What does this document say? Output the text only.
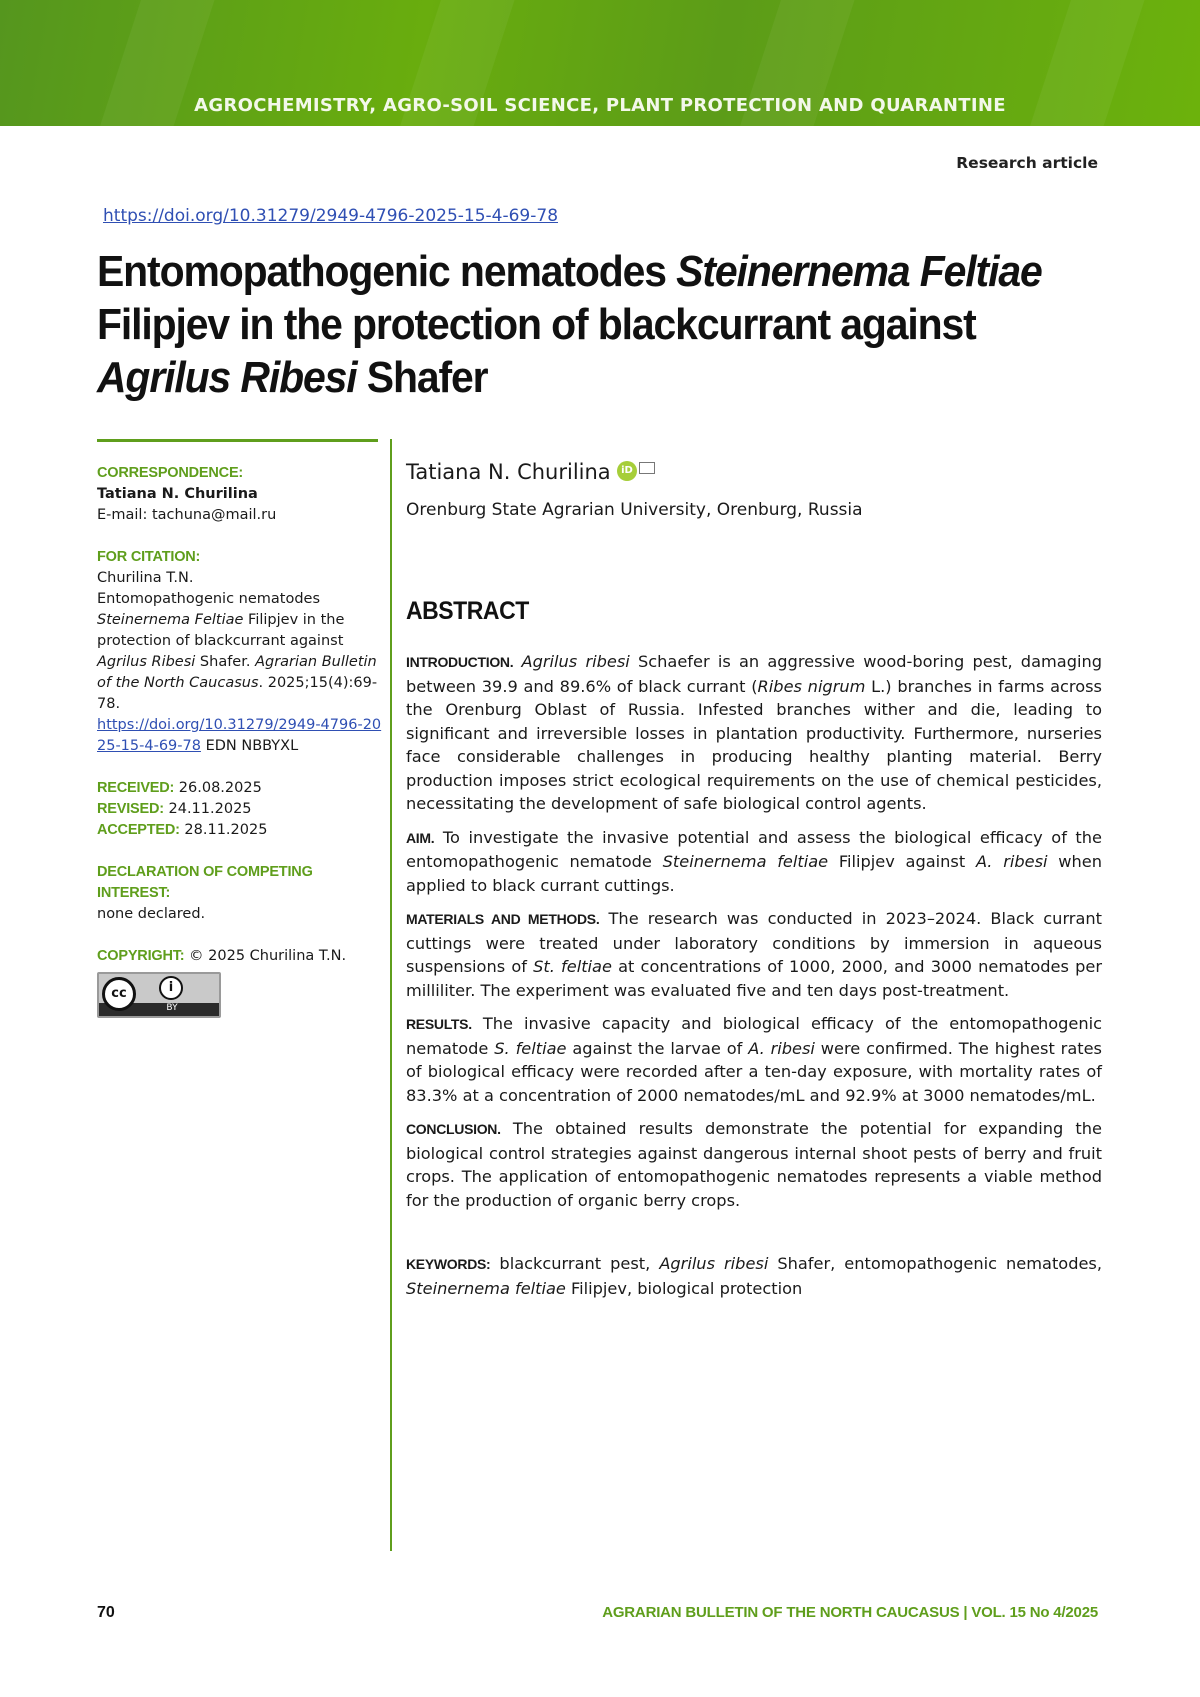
AGROCHEMISTRY, AGRO-SOIL SCIENCE, PLANT PROTECTION AND QUARANTINE
Research article
https://doi.org/10.31279/2949-4796-2025-15-4-69-78
Entomopathogenic nematodes Steinernema Feltiae Filipjev in the protection of blackcurrant against Agrilus Ribesi Shafer
CORRESPONDENCE:
Tatiana N. Churilina
E-mail: tachuna@mail.ru
FOR CITATION:
Churilina T.N.
Entomopathogenic nematodes
Steinernema Feltiae Filipjev in the protection of blackcurrant against Agrilus Ribesi Shafer. Agrarian Bulletin of the North Caucasus. 2025;15(4):69-78.
https://doi.org/10.31279/2949-4796-2025-15-4-69-78 EDN NBBYXL
RECEIVED: 26.08.2025
REVISED: 24.11.2025
ACCEPTED: 28.11.2025
DECLARATION OF COMPETING INTEREST:
none declared.
COPYRIGHT: © 2025 Churilina T.N.
cc	i
BY
Tatiana N. Churilina	iD
Orenburg State Agrarian University, Orenburg, Russia
ABSTRACT

INTRODUCTION. Agrilus ribesi Schaefer is an aggressive wood-boring pest, damaging between 39.9 and 89.6% of black currant (Ribes nigrum L.) branches in farms across the Orenburg Oblast of Russia. Infested branches wither and die, leading to significant and irreversible losses in plantation productivity. Furthermore, nurseries face considerable challenges in producing healthy planting material. Berry production imposes strict ecological requirements on the use of chemical pesticides, necessitating the development of safe biological control agents.

AIM. To investigate the invasive potential and assess the biological efficacy of the entomopathogenic nematode Steinernema feltiae Filipjev against A. ribesi when applied to black currant cuttings.

MATERIALS AND METHODS. The research was conducted in 2023–2024. Black currant cuttings were treated under laboratory conditions by immersion in aqueous suspensions of St. feltiae at concentrations of 1000, 2000, and 3000 nematodes per milliliter. The experiment was evaluated five and ten days post-treatment.

RESULTS. The invasive capacity and biological efficacy of the entomopathogenic nematode S. feltiae against the larvae of A. ribesi were confirmed. The highest rates of biological efficacy were recorded after a ten-day exposure, with mortality rates of 83.3% at a concentration of 2000 nematodes/mL and 92.9% at 3000 nematodes/mL.

CONCLUSION. The obtained results demonstrate the potential for expanding the biological control strategies against dangerous internal shoot pests of berry and fruit crops. The application of entomopathogenic nematodes represents a viable method for the production of organic berry crops.

KEYWORDS: blackcurrant pest, Agrilus ribesi Shafer, entomopathogenic nematodes, Steinernema feltiae Filipjev, biological protection
70	AGRARIAN BULLETIN OF THE NORTH CAUCASUS | VOL. 15 No 4/2025
